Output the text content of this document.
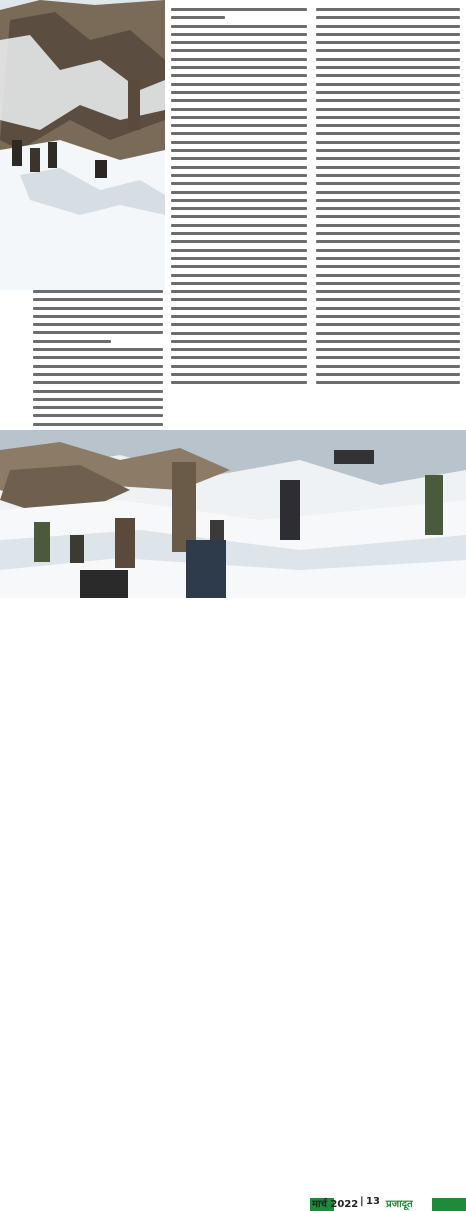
मार्च 2022 | 13 प्रजादूत
